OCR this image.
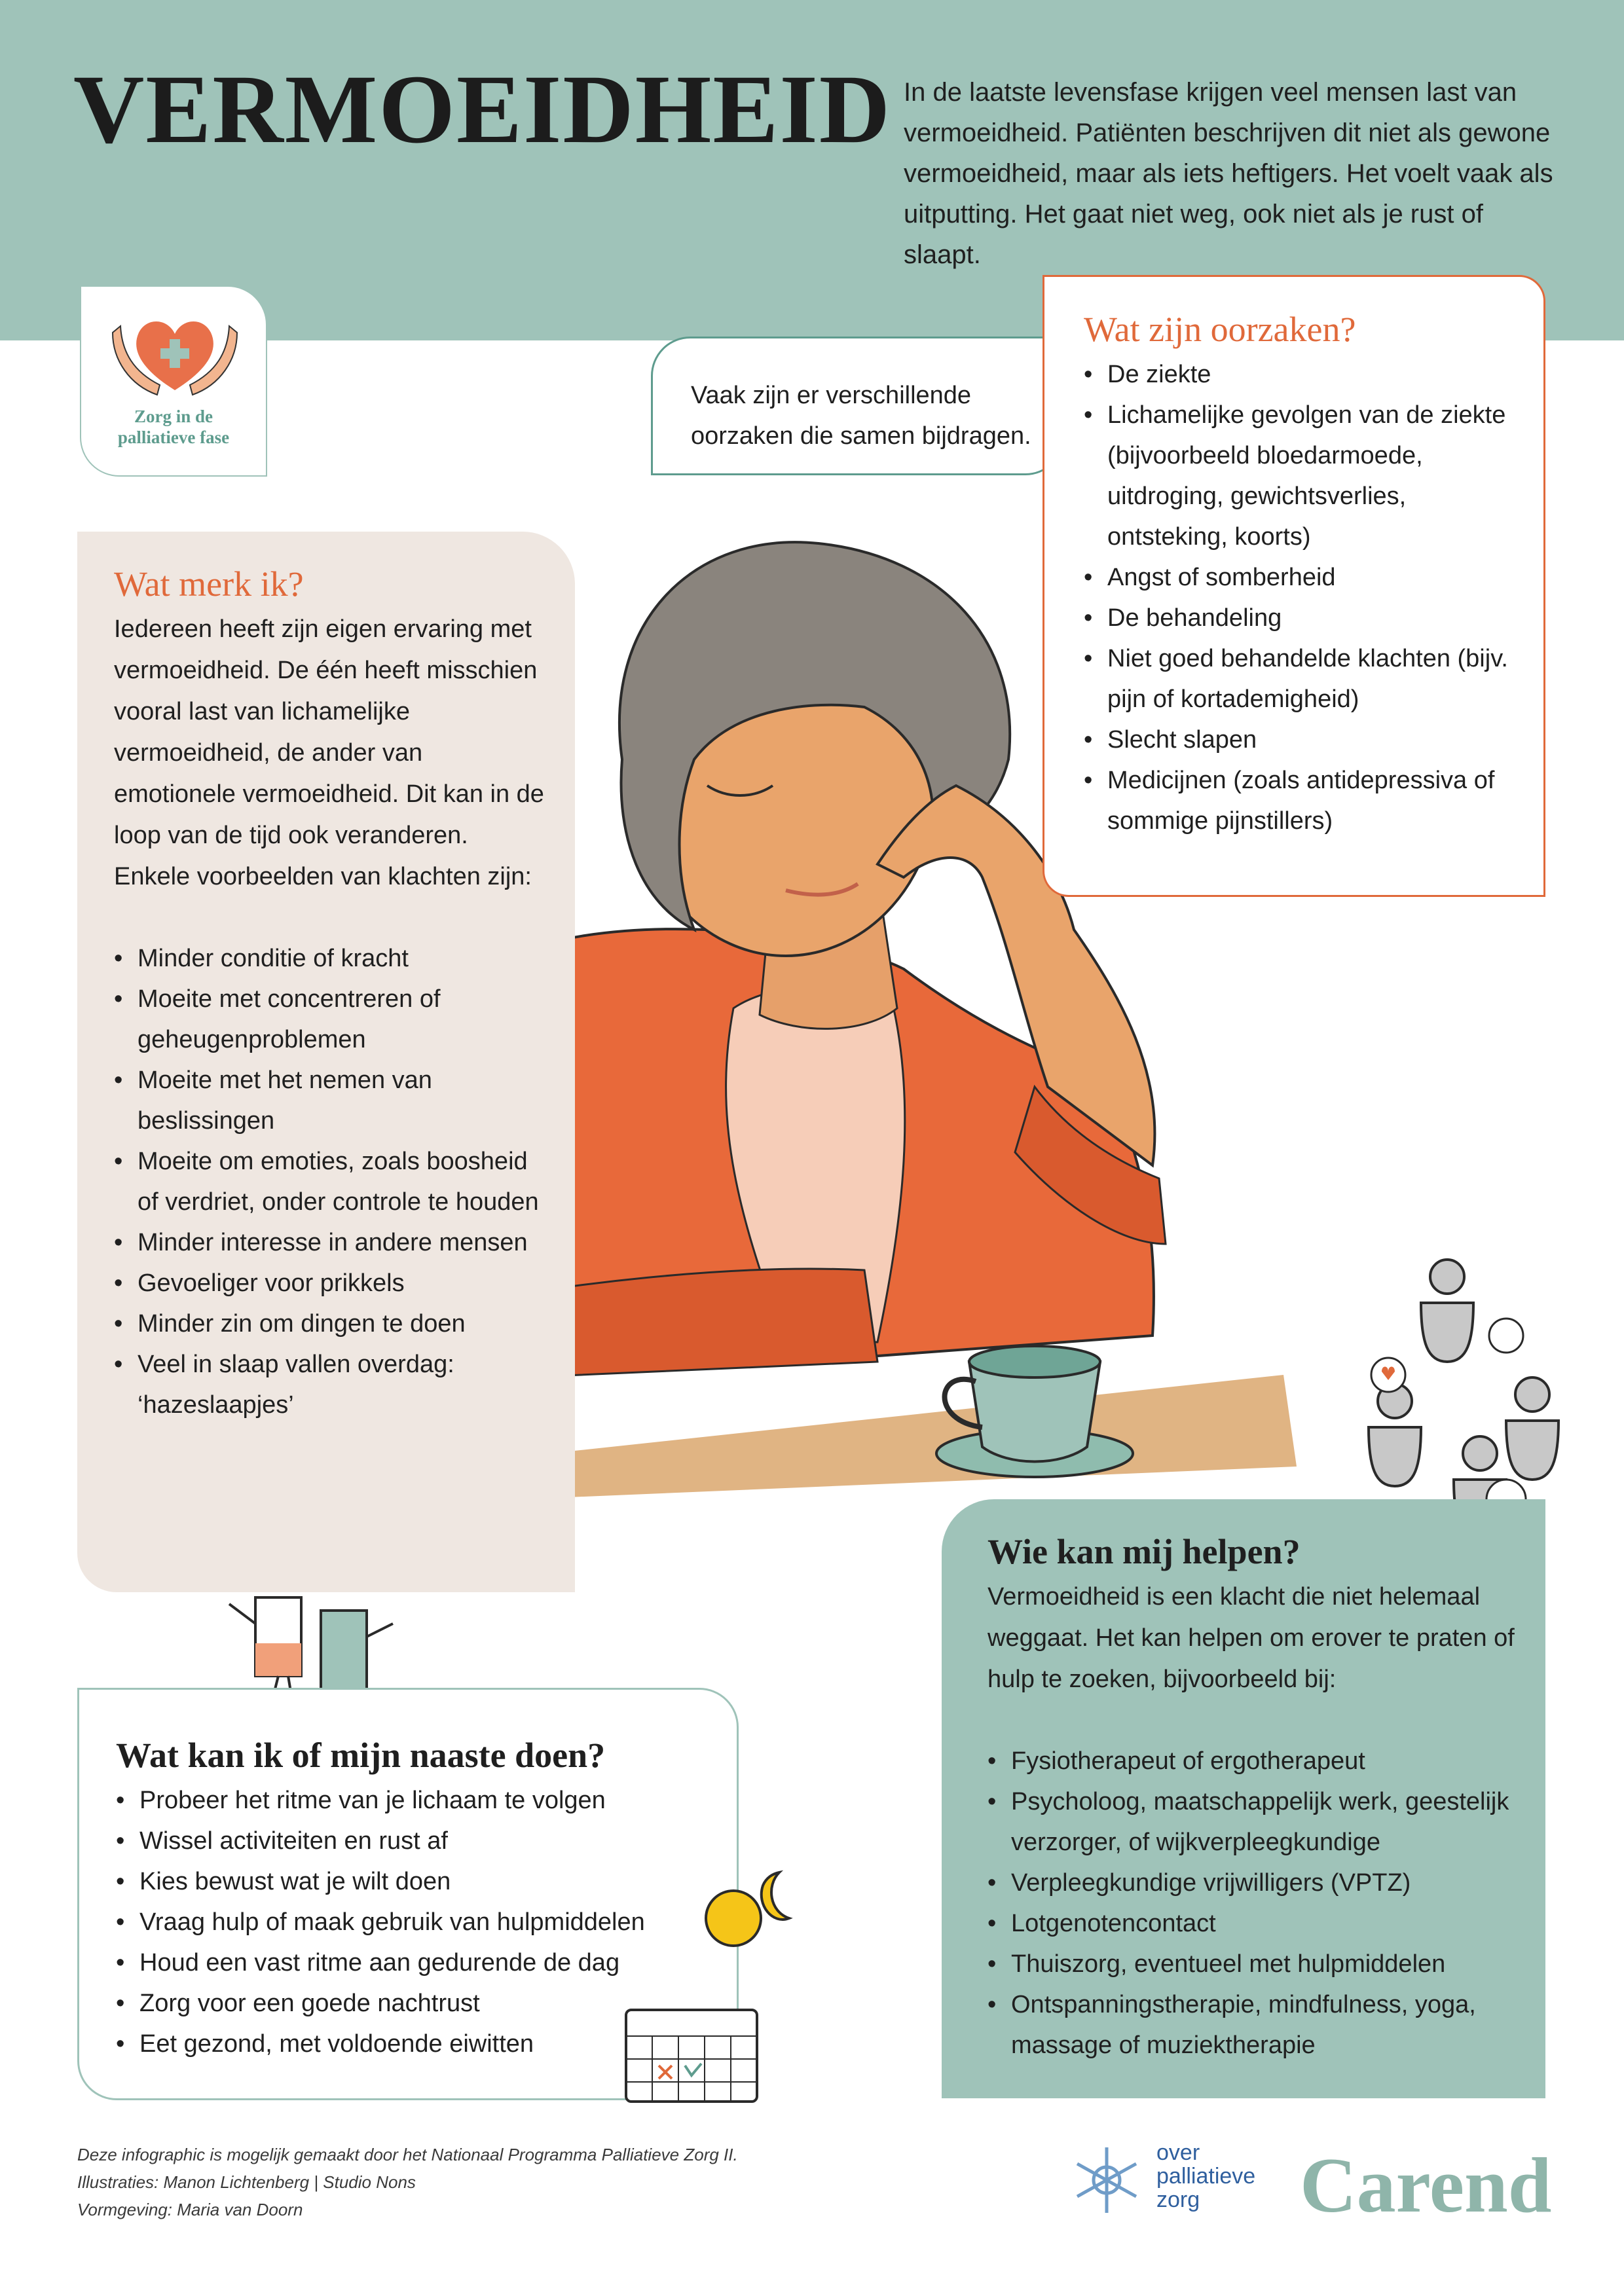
VERMOEIDHEID In de laatste levensfase krijgen veel mensen last van vermoeidheid. Patiënten beschrijven dit niet als gewone vermoeidheid, maar als iets heftigers. Het voelt vaak als uitputting. Het gaat niet weg, ook niet als je rust of slaapt.
Zorg in de
palliatieve fase
Vaak zijn er verschillende oorzaken die samen bijdragen.
Wat zijn oorzaken?
• De ziekte
• Lichamelijke gevolgen van de ziekte (bijvoorbeeld bloedarmoede, uitdroging, gewichtsverlies, ontsteking, koorts)
• Angst of somberheid
• De behandeling
• Niet goed behandelde klachten (bijv. pijn of kortademigheid)
• Slecht slapen
• Medicijnen (zoals antidepressiva of sommige pijnstillers)
Wat merk ik?

Iedereen heeft zijn eigen ervaring met vermoeidheid. De één heeft misschien vooral last van lichamelijke vermoeidheid, de ander van emotionele vermoeidheid. Dit kan in de loop van de tijd ook veranderen. Enkele voorbeelden van klachten zijn:

• Minder conditie of kracht
• Moeite met concentreren of geheugenproblemen
• Moeite met het nemen van beslissingen
• Moeite om emoties, zoals boosheid of verdriet, onder controle te houden
• Minder interesse in andere mensen
• Gevoeliger voor prikkels
• Minder zin om dingen te doen
• Veel in slaap vallen overdag: ‘hazeslaapjes’
Wat kan ik of mijn naaste doen?
• Probeer het ritme van je lichaam te volgen
• Wissel activiteiten en rust af
• Kies bewust wat je wilt doen
• Vraag hulp of maak gebruik van hulpmiddelen
• Houd een vast ritme aan gedurende de dag
• Zorg voor een goede nachtrust
• Eet gezond, met voldoende eiwitten
Wie kan mij helpen?

Vermoeidheid is een klacht die niet helemaal weggaat. Het kan helpen om erover te praten of hulp te zoeken, bijvoorbeeld bij:

• Fysiotherapeut of ergotherapeut
• Psycholoog, maatschappelijk werk, geestelijk verzorger, of wijkverpleegkundige
• Verpleegkundige vrijwilligers (VPTZ)
• Lotgenotencontact
• Thuiszorg, eventueel met hulpmiddelen
• Ontspanningstherapie, mindfulness, yoga, massage of muziektherapie
Deze infographic is mogelijk gemaakt door het Nationaal Programma Palliatieve Zorg II.
Illustraties: Manon Lichtenberg | Studio Nons
Vormgeving: Maria van Doorn
over
palliatieve
zorg	Carend
